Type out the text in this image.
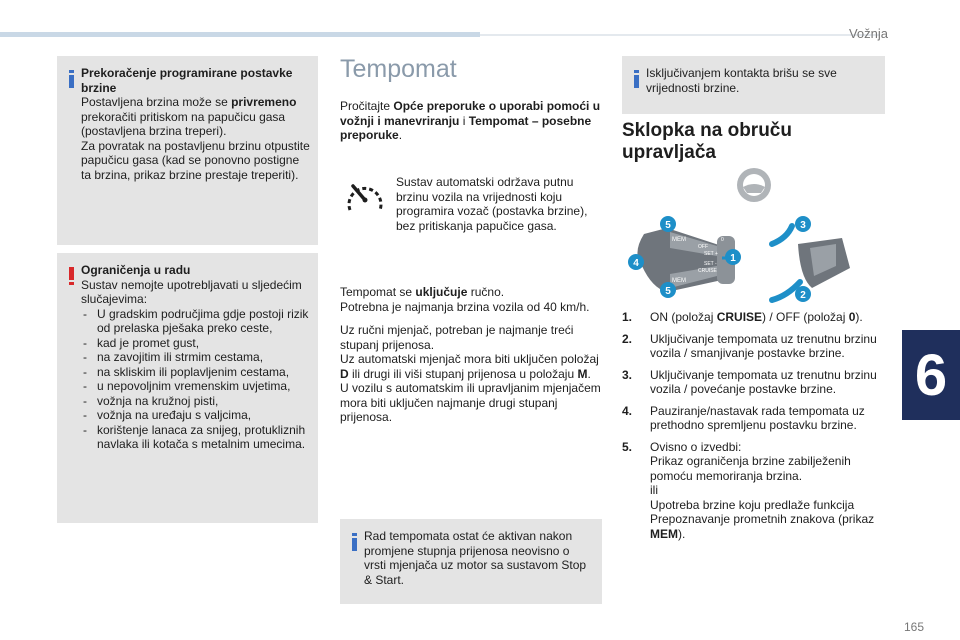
Vožnja
6
165
Prekoračenje programirane postavke brzine
Postavljena brzina može se privremeno prekoračiti pritiskom na papučicu gasa (postavljena brzina treperi).
Za povratak na postavljenu brzinu otpustite papučicu gasa (kad se ponovno postigne ta brzina, prikaz brzine prestaje treperiti).
Ograničenja u radu
Sustav nemojte upotrebljavati u sljedećim slučajevima:
- U gradskim područjima gdje postoji rizik od prelaska pješaka preko ceste,
- kad je promet gust,
- na zavojitim ili strmim cestama,
- na skliskim ili poplavljenim cestama,
- u nepovoljnim vremenskim uvjetima,
- vožnja na kružnoj pisti,
- vožnja na uređaju s valjcima,
- korištenje lanaca za snijeg, protukliznih navlaka ili kotača s metalnim umecima.
Tempomat
Pročitajte Opće preporuke o uporabi pomoći u vožnji i manevriranju i Tempomat – posebne preporuke.
Sustav automatski održava putnu brzinu vozila na vrijednosti koju programira vozač (postavka brzine), bez pritiskanja papučice gasa.
Tempomat se uključuje ručno.
Potrebna je najmanja brzina vozila od 40 km/h.
Uz ručni mjenjač, potreban je najmanje treći stupanj prijenosa.
Uz automatski mjenjač mora biti uključen položaj D ili drugi ili viši stupanj prijenosa u položaju M.
U vozilu s automatskim ili upravljanim mjenjačem mora biti uključen najmanje drugi stupanj prijenosa.
Rad tempomata ostat će aktivan nakon promjene stupnja prijenosa neovisno o vrsti mjenjača uz motor sa sustavom Stop & Start.
Isključivanjem kontakta brišu se sve vrijednosti brzine.
Sklopka na obruču
upravljača
MEM
MEM
OFF
SET +
SET -
CRUISE
0
1
2
3
4
5
5
1. ON (položaj CRUISE) / OFF (položaj 0).
2. Uključivanje tempomata uz trenutnu brzinu vozila / smanjivanje postavke brzine.
3. Uključivanje tempomata uz trenutnu brzinu vozila / povećanje postavke brzine.
4. Pauziranje/nastavak rada tempomata uz prethodno spremljenu postavku brzine.
5. Ovisno o izvedbi:
Prikaz ograničenja brzine zabilježenih pomoću memoriranja brzina.
ili
Upotreba brzine koju predlaže funkcija Prepoznavanje prometnih znakova (prikaz MEM).
